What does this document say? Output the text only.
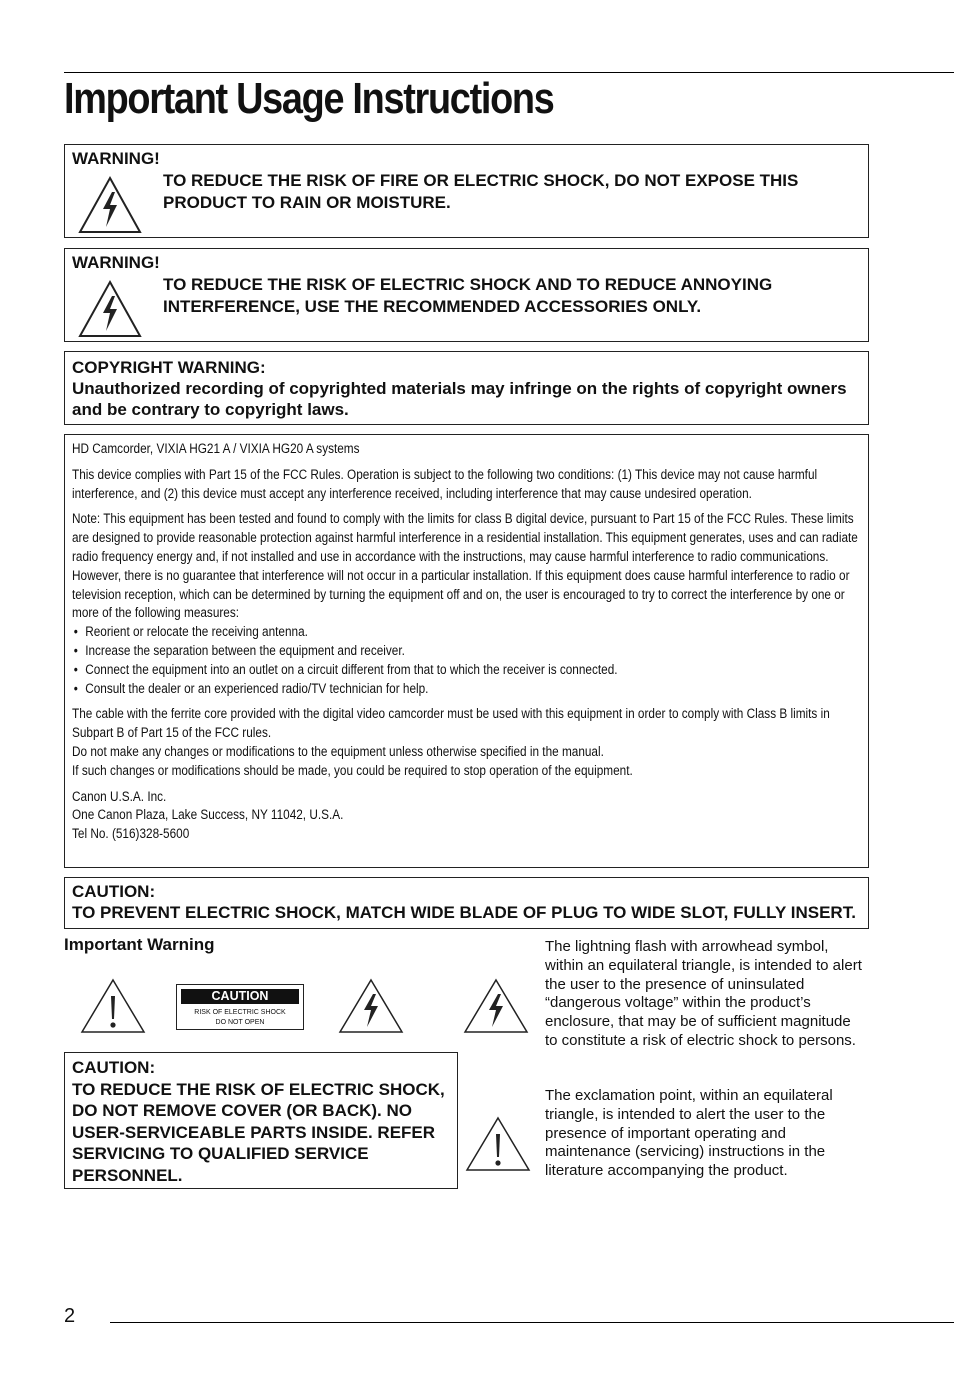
Important Usage Instructions
WARNING!
TO REDUCE THE RISK OF FIRE OR ELECTRIC SHOCK, DO NOT EXPOSE THIS PRODUCT TO RAIN OR MOISTURE.
WARNING!
TO REDUCE THE RISK OF ELECTRIC SHOCK AND TO REDUCE ANNOYING INTERFERENCE, USE THE RECOMMENDED ACCESSORIES ONLY.
COPYRIGHT WARNING:
Unauthorized recording of copyrighted materials may infringe on the rights of copyright owners and be contrary to copyright laws.

HD Camcorder, VIXIA HG21 A / VIXIA HG20 A systems

This device complies with Part 15 of the FCC Rules. Operation is subject to the following two conditions: (1) This device may not cause harmful interference, and (2) this device must accept any interference received, including interference that may cause undesired operation.

Note: This equipment has been tested and found to comply with the limits for class B digital device, pursuant to Part 15 of the FCC Rules. These limits are designed to provide reasonable protection against harmful interference in a residential installation. This equipment generates, uses and can radiate radio frequency energy and, if not installed and use in accordance with the instructions, may cause harmful interference to radio communications. However, there is no guarantee that interference will not occur in a particular installation. If this equipment does cause harmful interference to radio or television reception, which can be determined by turning the equipment off and on, the user is encouraged to try to correct the interference by one or more of the following measures:

• Reorient or relocate the receiving antenna.
• Increase the separation between the equipment and receiver.
• Connect the equipment into an outlet on a circuit different from that to which the receiver is connected.
• Consult the dealer or an experienced radio/TV technician for help.

The cable with the ferrite core provided with the digital video camcorder must be used with this equipment in order to comply with Class B limits in Subpart B of Part 15 of the FCC rules.

Do not make any changes or modifications to the equipment unless otherwise specified in the manual.

If such changes or modifications should be made, you could be required to stop operation of the equipment.

Canon U.S.A. Inc.
One Canon Plaza, Lake Success, NY 11042, U.S.A.
Tel No. (516)328-5600

CAUTION:
TO PREVENT ELECTRIC SHOCK, MATCH WIDE BLADE OF PLUG TO WIDE SLOT, FULLY INSERT.
Important Warning
CAUTION
RISK OF ELECTRIC SHOCK
DO NOT OPEN
CAUTION:
TO REDUCE THE RISK OF ELECTRIC SHOCK, DO NOT REMOVE COVER (OR BACK). NO USER-SERVICEABLE PARTS INSIDE. REFER SERVICING TO QUALIFIED SERVICE PERSONNEL.
The lightning flash with arrowhead symbol, within an equilateral triangle, is intended to alert the user to the presence of uninsulated “dangerous voltage” within the product’s enclosure, that may be of sufficient magnitude to constitute a risk of electric shock to persons.
The exclamation point, within an equilateral triangle, is intended to alert the user to the presence of important operating and maintenance (servicing) instructions in the literature accompanying the product.
2
